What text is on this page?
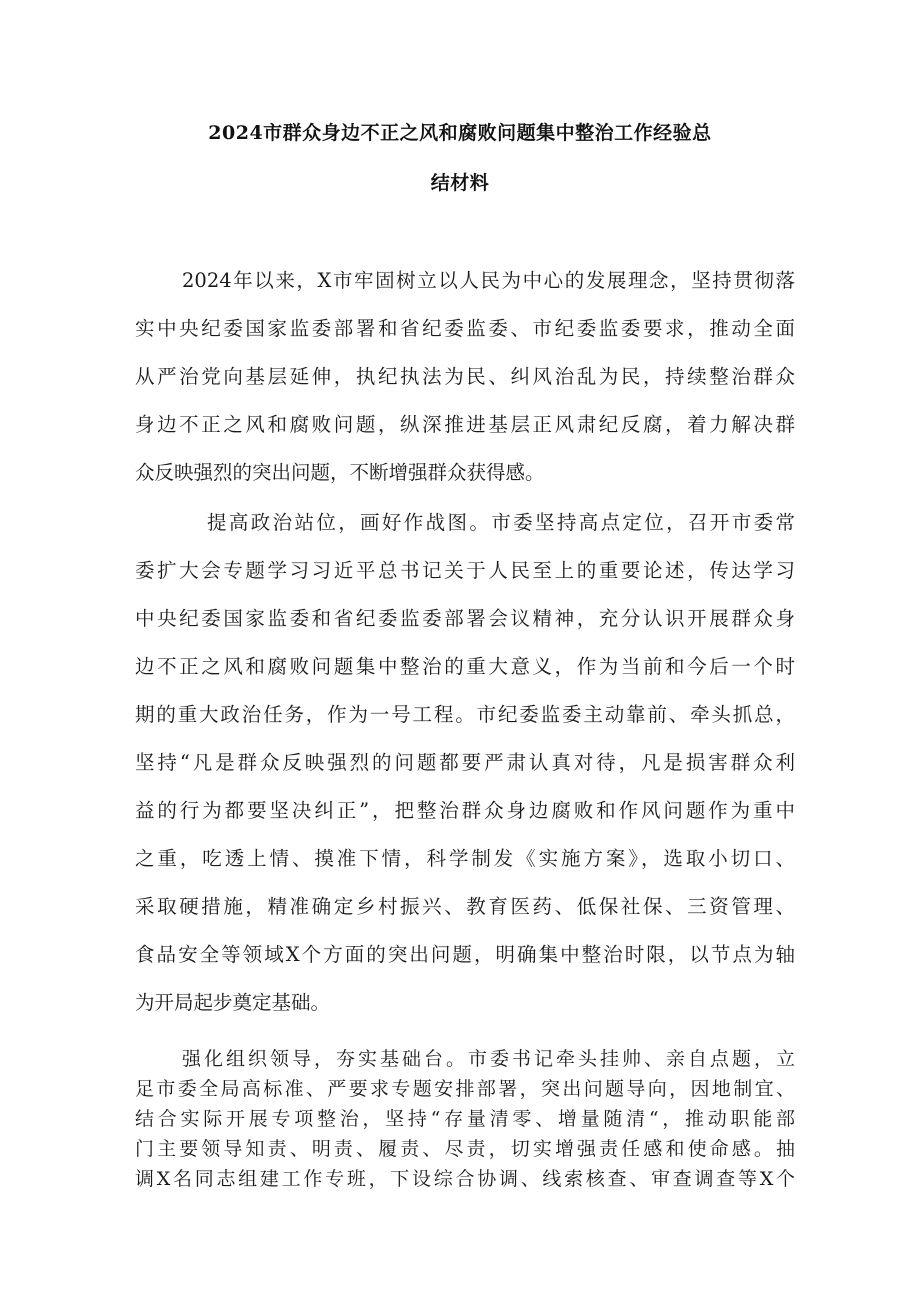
2024市群众身边不正之风和腐败问题集中整治工作经验总
结材料
2024年以来，X市牢固树立以人民为中心的发展理念，坚持贯彻落
实中央纪委国家监委部署和省纪委监委、市纪委监委要求，推动全面
从严治党向基层延伸，执纪执法为民、纠风治乱为民，持续整治群众
身边不正之风和腐败问题，纵深推进基层正风肃纪反腐，着力解决群
众反映强烈的突出问题，不断增强群众获得感。
提高政治站位，画好作战图。市委坚持高点定位，召开市委常
委扩大会专题学习习近平总书记关于人民至上的重要论述，传达学习
中央纪委国家监委和省纪委监委部署会议精神，充分认识开展群众身
边不正之风和腐败问题集中整治的重大意义，作为当前和今后一个时
期的重大政治任务，作为一号工程。市纪委监委主动靠前、牵头抓总，
坚持“凡是群众反映强烈的问题都要严肃认真对待，凡是损害群众利
益的行为都要坚决纠正”，把整治群众身边腐败和作风问题作为重中
之重，吃透上情、摸准下情，科学制发《实施方案》，选取小切口、
采取硬措施，精准确定乡村振兴、教育医药、低保社保、三资管理、
食品安全等领域X个方面的突出问题，明确集中整治时限，以节点为轴
为开局起步奠定基础。
强化组织领导，夯实基础台。市委书记牵头挂帅、亲自点题，立
足市委全局高标准、严要求专题安排部署，突出问题导向，因地制宜、
结合实际开展专项整治，坚持“存量清零、增量随清“，推动职能部
门主要领导知责、明责、履责、尽责，切实增强责任感和使命感。抽
调X名同志组建工作专班，下设综合协调、线索核查、审查调查等X个
